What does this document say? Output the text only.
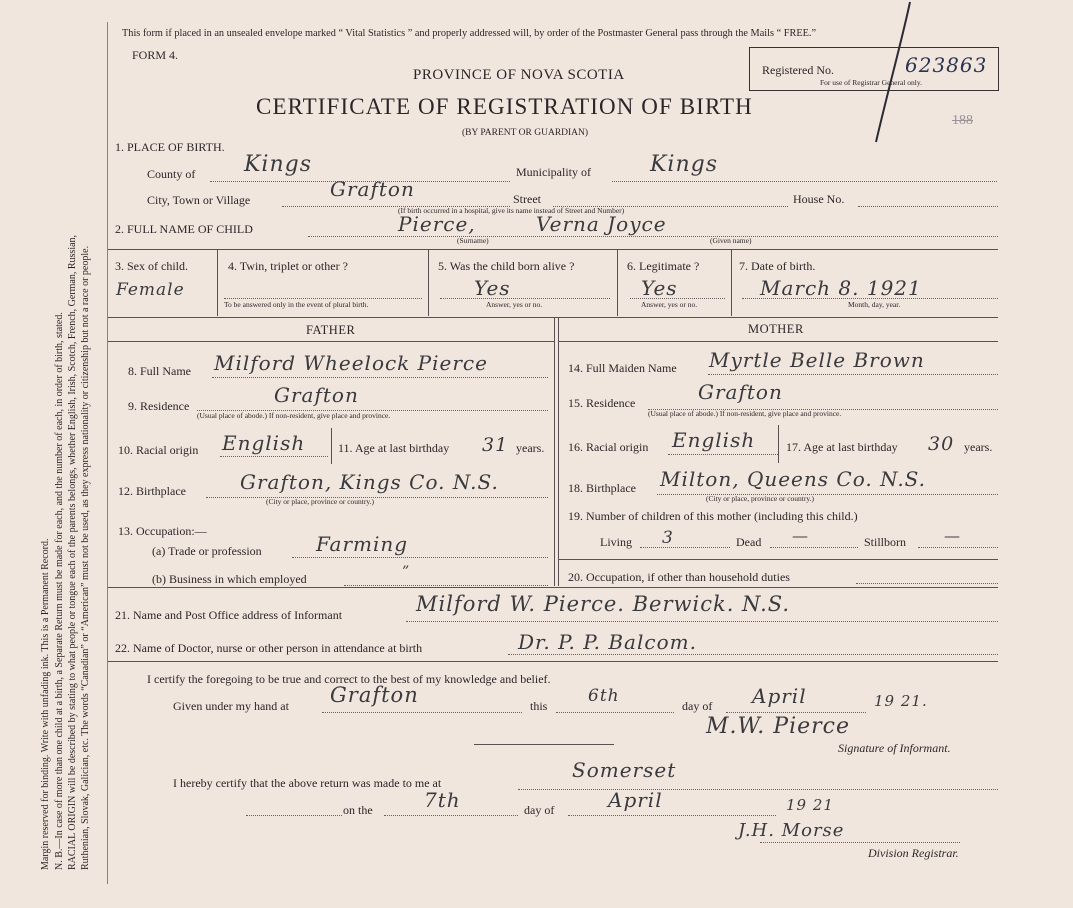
Margin reserved for binding. Write with unfading ink. This is a Permanent Record. N. B.—In case of more than one child at a birth, a Separate Return must be made for each, and the number of each, in order of birth, stated. RACIAL ORIGIN will be described by stating to what people or tongue each of the parents belongs, whether English, Irish, Scotch, French, German, Russian, Ruthenian, Slovak, Galician, etc. The words “Canadian” or “American” must not be used, as they express nationality or citizenship but not a race or people.
This form if placed in an unsealed envelope marked “ Vital Statistics ” and properly addressed will, by order of the Postmaster General pass through the Mails “ FREE.”
FORM 4.
PROVINCE OF NOVA SCOTIA
CERTIFICATE OF REGISTRATION OF BIRTH
(BY PARENT OR GUARDIAN)
Registered No.	623863
For use of Registrar General only.
188
1. PLACE OF BIRTH.
County of Kings	Municipality of	Kings
City, Town or Village	Grafton	Street	House No.
(If birth occurred in a hospital, give its name instead of Street and Number)
2. FULL NAME OF CHILD	Pierce,	Verna Joyce
(Surname)	(Given name)
3. Sex of child.
Female
4. Twin, triplet or other ?
To be answered only in the event of plural birth.
5. Was the child born alive ?
Yes
Answer, yes or no.
6. Legitimate ?
Yes
Answer, yes or no.
7. Date of birth.
March 8. 1921
Month, day, year.
FATHER	MOTHER
8. Full Name Milford Wheelock Pierce
9. Residence	Grafton
(Usual place of abode.) If non-resident, give place and province.
10. Racial origin English	11. Age at last birthday 31 years.
12. Birthplace	Grafton, Kings Co. N.S.
(City or place, province or country.)
13. Occupation:—
(a) Trade or profession	Farming
(b) Business in which employed	”
14. Full Maiden Name Myrtle Belle Brown
15. Residence	Grafton
(Usual place of abode.) If non-resident, give place and province.
16. Racial origin English	17. Age at last birthday 30 years.
18. Birthplace Milton, Queens Co. N.S.
(City or place, province or country.)
19. Number of children of this mother (including this child.)
Living 3	Dead —	Stillborn —
20. Occupation, if other than household duties
21. Name and Post Office address of Informant	Milford W. Pierce. Berwick. N.S.
22. Name of Doctor, nurse or other person in attendance at birth	Dr. P. P. Balcom.
I certify the foregoing to be true and correct to the best of my knowledge and belief.
Given under my hand at Grafton	this 6th	day of April	19 21.
M.W. Pierce
Signature of Informant.
I hereby certify that the above return was made to me at
Somerset
on the	7th	day of	April	19 21
J.H. Morse
Division Registrar.
